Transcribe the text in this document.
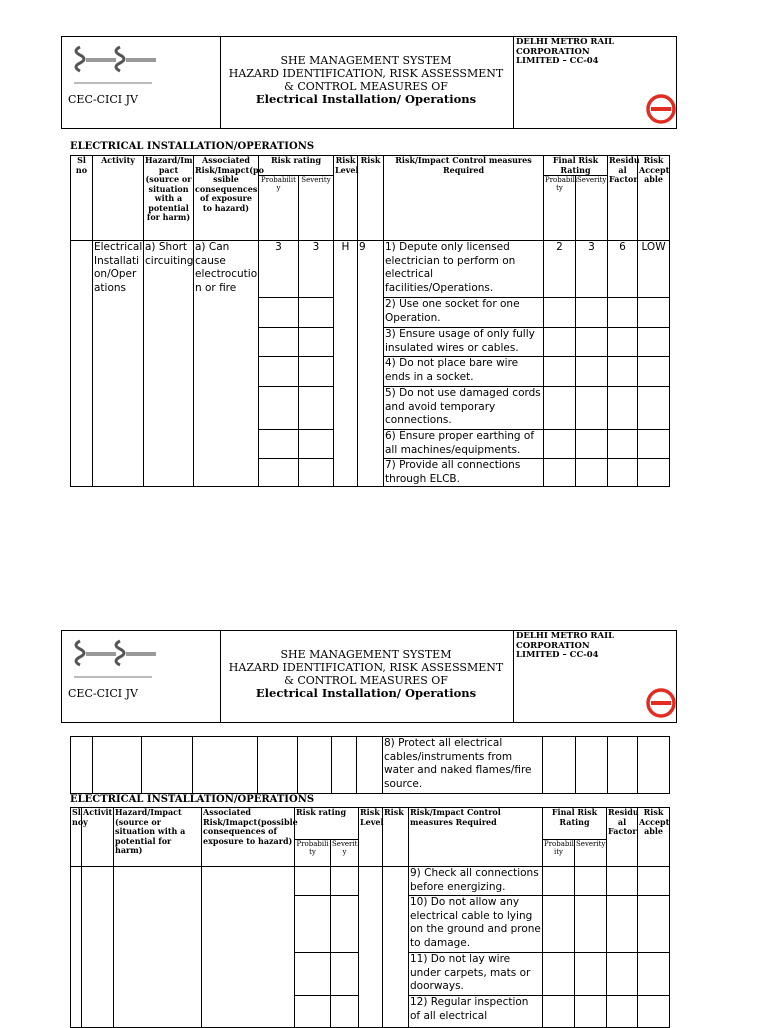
CEC-CICI JV
SHE MANAGEMENT SYSTEM
HAZARD IDENTIFICATION, RISK ASSESSMENT
& CONTROL MEASURES OF
Electrical Installation/ Operations
DELHI METRO RAIL
CORPORATION
LIMITED – CC-04
ELECTRICAL INSTALLATION/OPERATIONS
Sl no	Activity	Hazard/Im pact (source or situation with a potential for harm)	Associated Risk/Imapct(po ssible consequences of exposure to hazard)	Risk rating		Risk Level	Risk	Risk/Impact Control measures Required	Final Risk Rating		Residu al Factor	Risk Accept able
				Probabilit y	Severity				Probabili ty	Severity		
	Electrical Installati on/Oper ations	a) Short circuiting	a) Can cause electrocutio n or fire	3	3	H	9	1) Depute only licensed electrician to perform on electrical facilities/Operations.	2	3	6	LOW
								2) Use one socket for one Operation.				
								3) Ensure usage of only fully insulated wires or cables.				
								4) Do not place bare wire ends in a socket.				
								5) Do not use damaged cords and avoid temporary connections.				
								6) Ensure proper earthing of all machines/equipments.				
								7) Provide all connections through ELCB.				
CEC-CICI JV
SHE MANAGEMENT SYSTEM
HAZARD IDENTIFICATION, RISK ASSESSMENT
& CONTROL MEASURES OF
Electrical Installation/ Operations
DELHI METRO RAIL
CORPORATION
LIMITED – CC-04
								8) Protect all electrical cables/instruments from water and naked flames/fire source.				
ELECTRICAL INSTALLATION/OPERATIONS
Sl noy	Activit	Hazard/Impact (source or situation with a potential for harm)	Associated Risk/Imapct(possible consequences of exposure to hazard)	Risk rating		Risk Level	Risk	Risk/Impact Control measures Required	Final Risk Rating		Residu al Factor	Risk Accept able
				Probabili ty	Severit y				Probabil ity	Severity		
								9) Check all connections before energizing.				
								10) Do not allow any electrical cable to lying on the ground and prone to damage.				
								11) Do not lay wire under carpets, mats or doorways.				
								12) Regular inspection of all electrical				
